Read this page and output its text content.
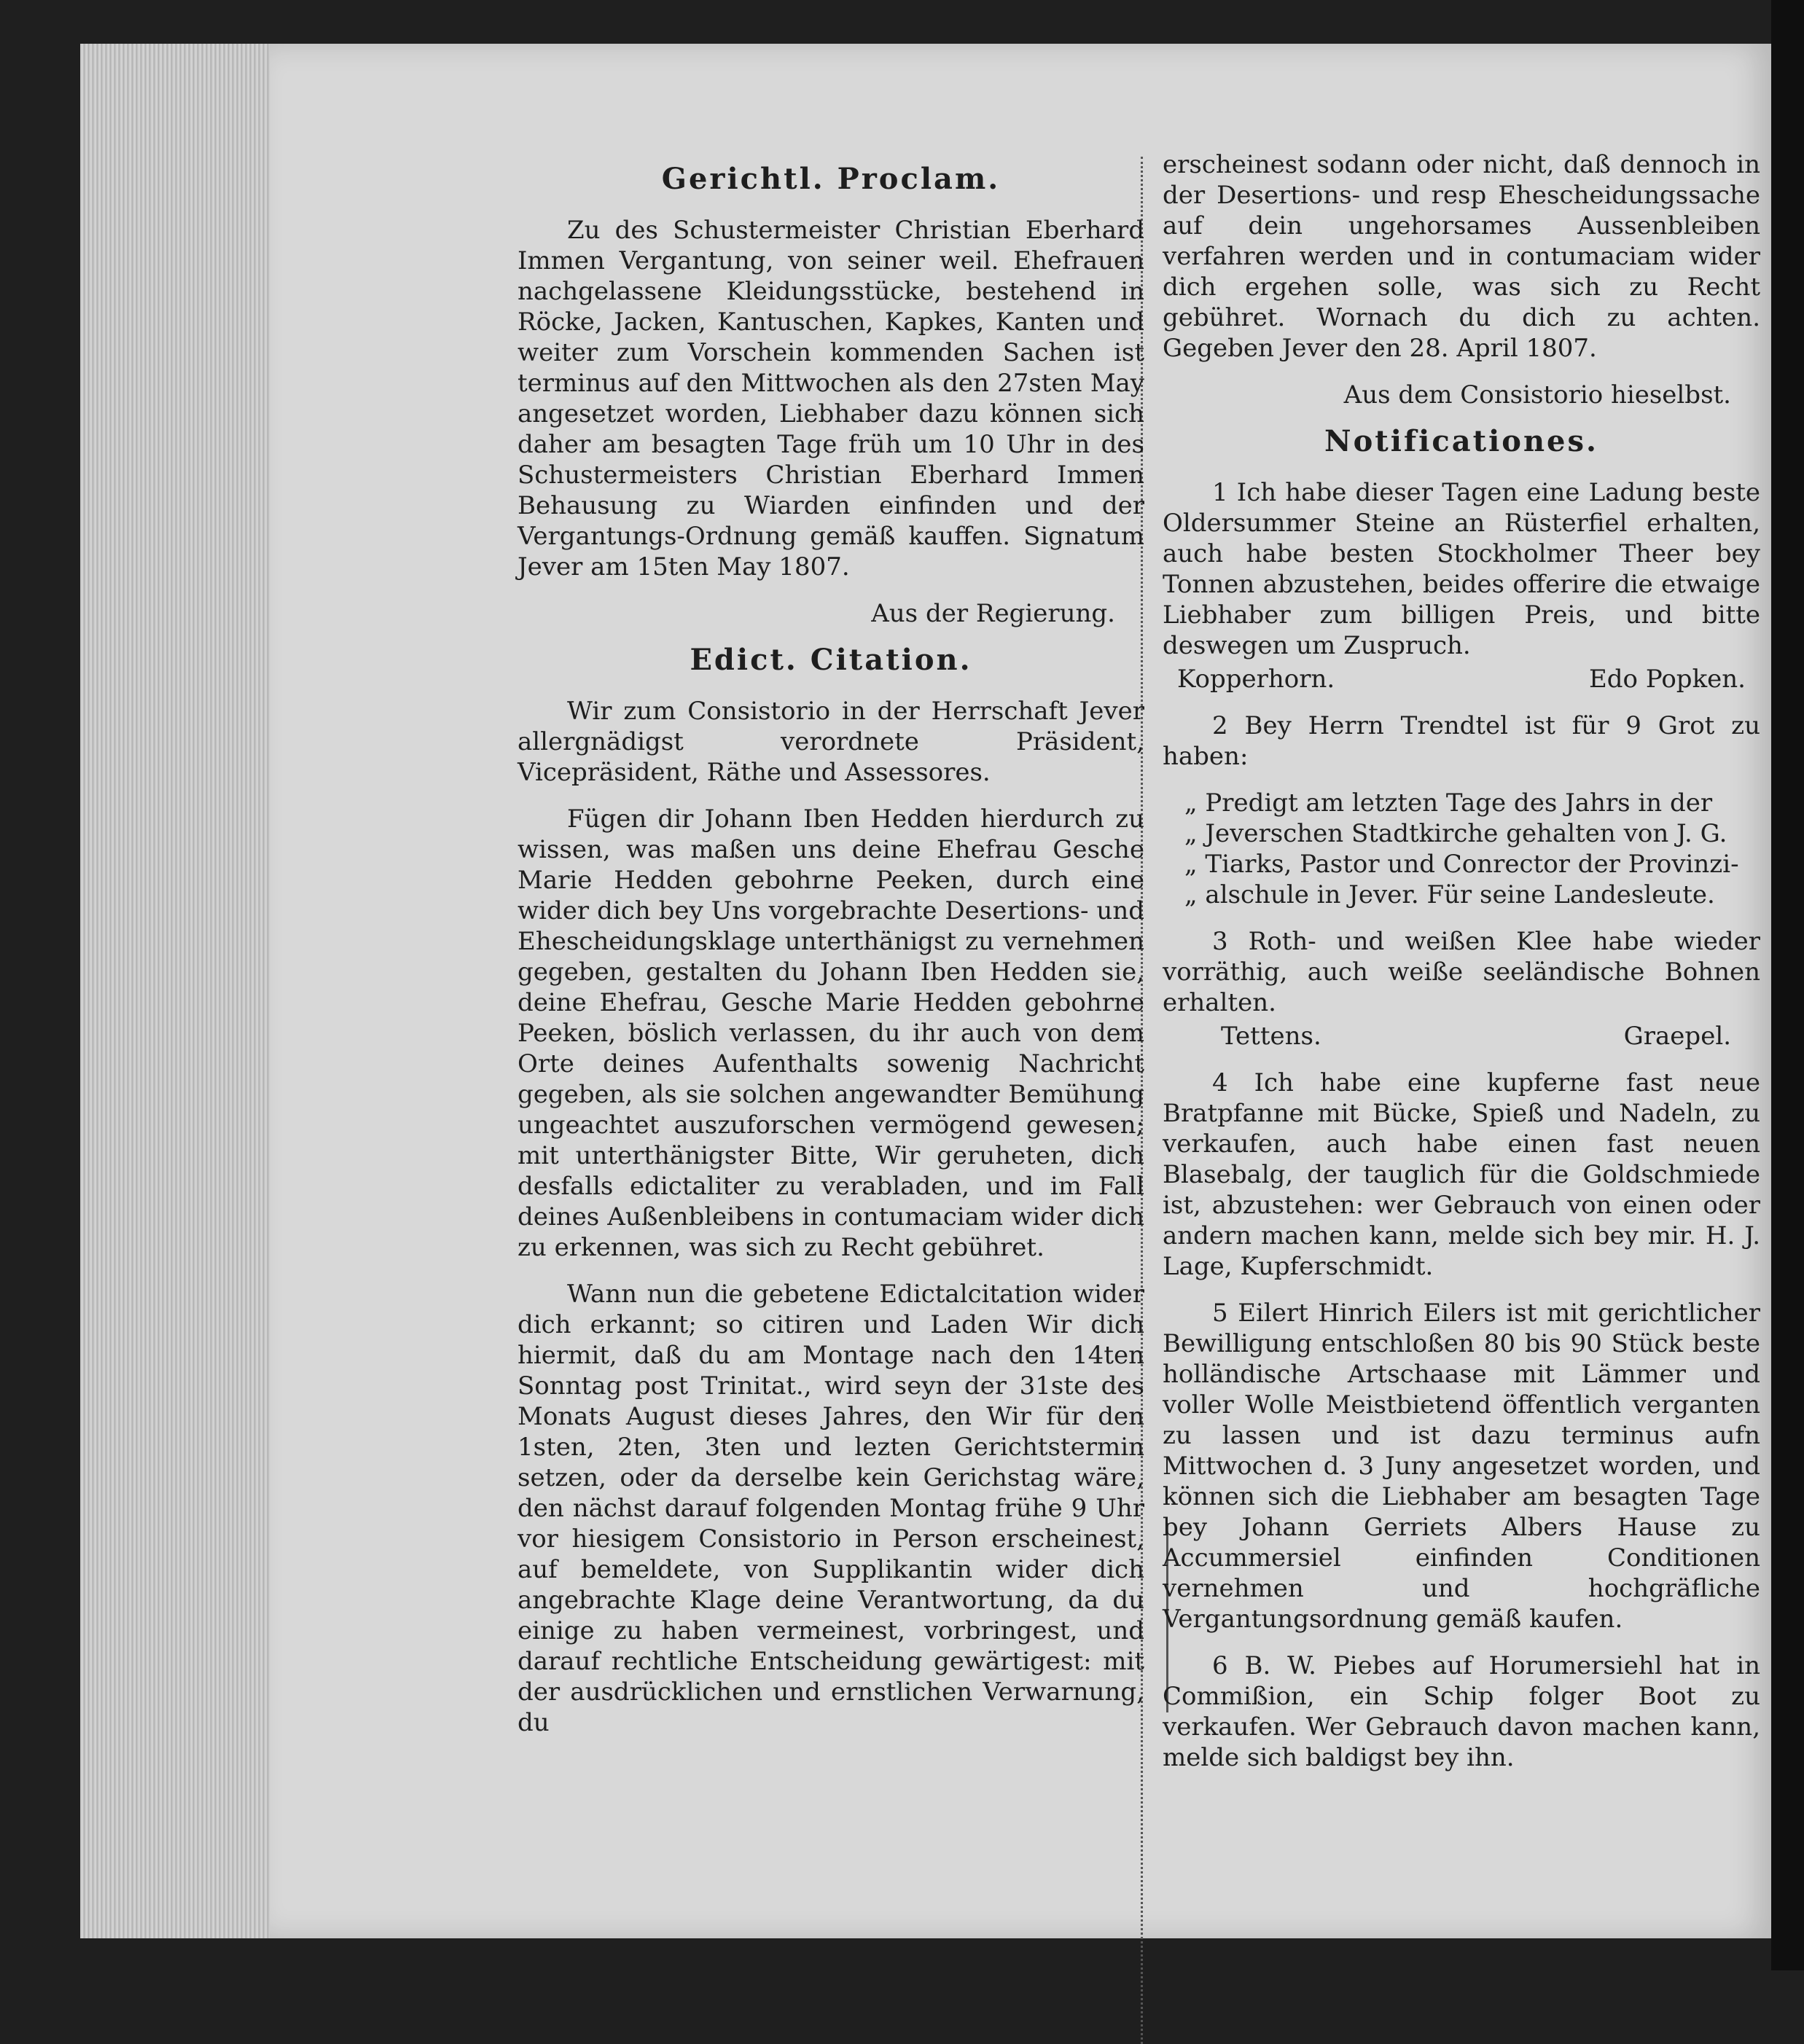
Gerichtl. Proclam.

Zu des Schustermeister Christian Eberhard Immen Vergantung, von seiner weil. Ehefrauen nachgelassene Kleidungsstücke, bestehend in Röcke, Jacken, Kantuschen, Kapkes, Kanten und weiter zum Vorschein kommenden Sachen ist terminus auf den Mittwochen als den 27sten May angesetzet worden, Liebhaber dazu können sich daher am besagten Tage früh um 10 Uhr in des Schustermeisters Christian Eberhard Immen Behausung zu Wiarden einfinden und der Vergantungs-Ordnung gemäß kauffen. Signatum Jever am 15ten May 1807.

Aus der Regierung.

Edict. Citation.

Wir zum Consistorio in der Herrschaft Jever allergnädigst verordnete Präsident, Vicepräsident, Räthe und Assessores.

Fügen dir Johann Iben Hedden hierdurch zu wissen, was maßen uns deine Ehefrau Gesche Marie Hedden gebohrne Peeken, durch eine wider dich bey Uns vorgebrachte Desertions- und Ehescheidungsklage unterthänigst zu vernehmen gegeben, gestalten du Johann Iben Hedden sie, deine Ehefrau, Gesche Marie Hedden gebohrne Peeken, böslich verlassen, du ihr auch von dem Orte deines Aufenthalts sowenig Nachricht gegeben, als sie solchen angewandter Bemühung ungeachtet auszuforschen vermögend gewesen; mit unterthänigster Bitte, Wir geruheten, dich desfalls edictaliter zu verabladen, und im Fall deines Außenbleibens in contumaciam wider dich zu erkennen, was sich zu Recht gebühret.

Wann nun die gebetene Edictalcitation wider dich erkannt; so citiren und Laden Wir dich hiermit, daß du am Montage nach den 14ten Sonntag post Trinitat., wird seyn der 31ste des Monats August dieses Jahres, den Wir für den 1sten, 2ten, 3ten und lezten Gerichtstermin setzen, oder da derselbe kein Gerichstag wäre, den nächst darauf folgenden Montag frühe 9 Uhr vor hiesigem Consistorio in Person erscheinest, auf bemeldete, von Supplikantin wider dich angebrachte Klage deine Verantwortung, da du einige zu haben vermeinest, vorbringest, und darauf rechtliche Entscheidung gewärtigest: mit der ausdrücklichen und ernstlichen Verwarnung, du

erscheinest sodann oder nicht, daß dennoch in der Desertions- und resp Ehescheidungssache auf dein ungehorsames Aussenbleiben verfahren werden und in contumaciam wider dich ergehen solle, was sich zu Recht gebühret. Wornach du dich zu achten. Gegeben Jever den 28. April 1807.

Aus dem Consistorio hieselbst.

Notificationes.

1 Ich habe dieser Tagen eine Ladung beste Oldersummer Steine an Rüsterfiel erhalten, auch habe besten Stockholmer Theer bey Tonnen abzustehen, beides offerire die etwaige Liebhaber zum billigen Preis, und bitte deswegen um Zuspruch.

Kopperhorn.	Edo Popken.

2 Bey Herrn Trendtel ist für 9 Grot zu haben:

„ Predigt am letzten Tage des Jahrs in der
„ Jeverschen Stadtkirche gehalten von J. G.
„ Tiarks, Pastor und Conrector der Provinzi-
„ alschule in Jever. Für seine Landesleute.

3 Roth- und weißen Klee habe wieder vorräthig, auch weiße seeländische Bohnen erhalten.

Tettens.	Graepel.

4 Ich habe eine kupferne fast neue Bratpfanne mit Bücke, Spieß und Nadeln, zu verkaufen, auch habe einen fast neuen Blasebalg, der tauglich für die Goldschmiede ist, abzustehen: wer Gebrauch von einen oder andern machen kann, melde sich bey mir. H. J. Lage, Kupferschmidt.

5 Eilert Hinrich Eilers ist mit gerichtlicher Bewilligung entschloßen 80 bis 90 Stück beste holländische Artschaase mit Lämmer und voller Wolle Meistbietend öffentlich verganten zu lassen und ist dazu terminus aufn Mittwochen d. 3 Juny angesetzet worden, und können sich die Liebhaber am besagten Tage bey Johann Gerriets Albers Hause zu Accummersiel einfinden Conditionen vernehmen und hochgräfliche Vergantungsordnung gemäß kaufen.

6 B. W. Piebes auf Horumersiehl hat in Commißion, ein Schip folger Boot zu verkaufen. Wer Gebrauch davon machen kann, melde sich baldigst bey ihn.
